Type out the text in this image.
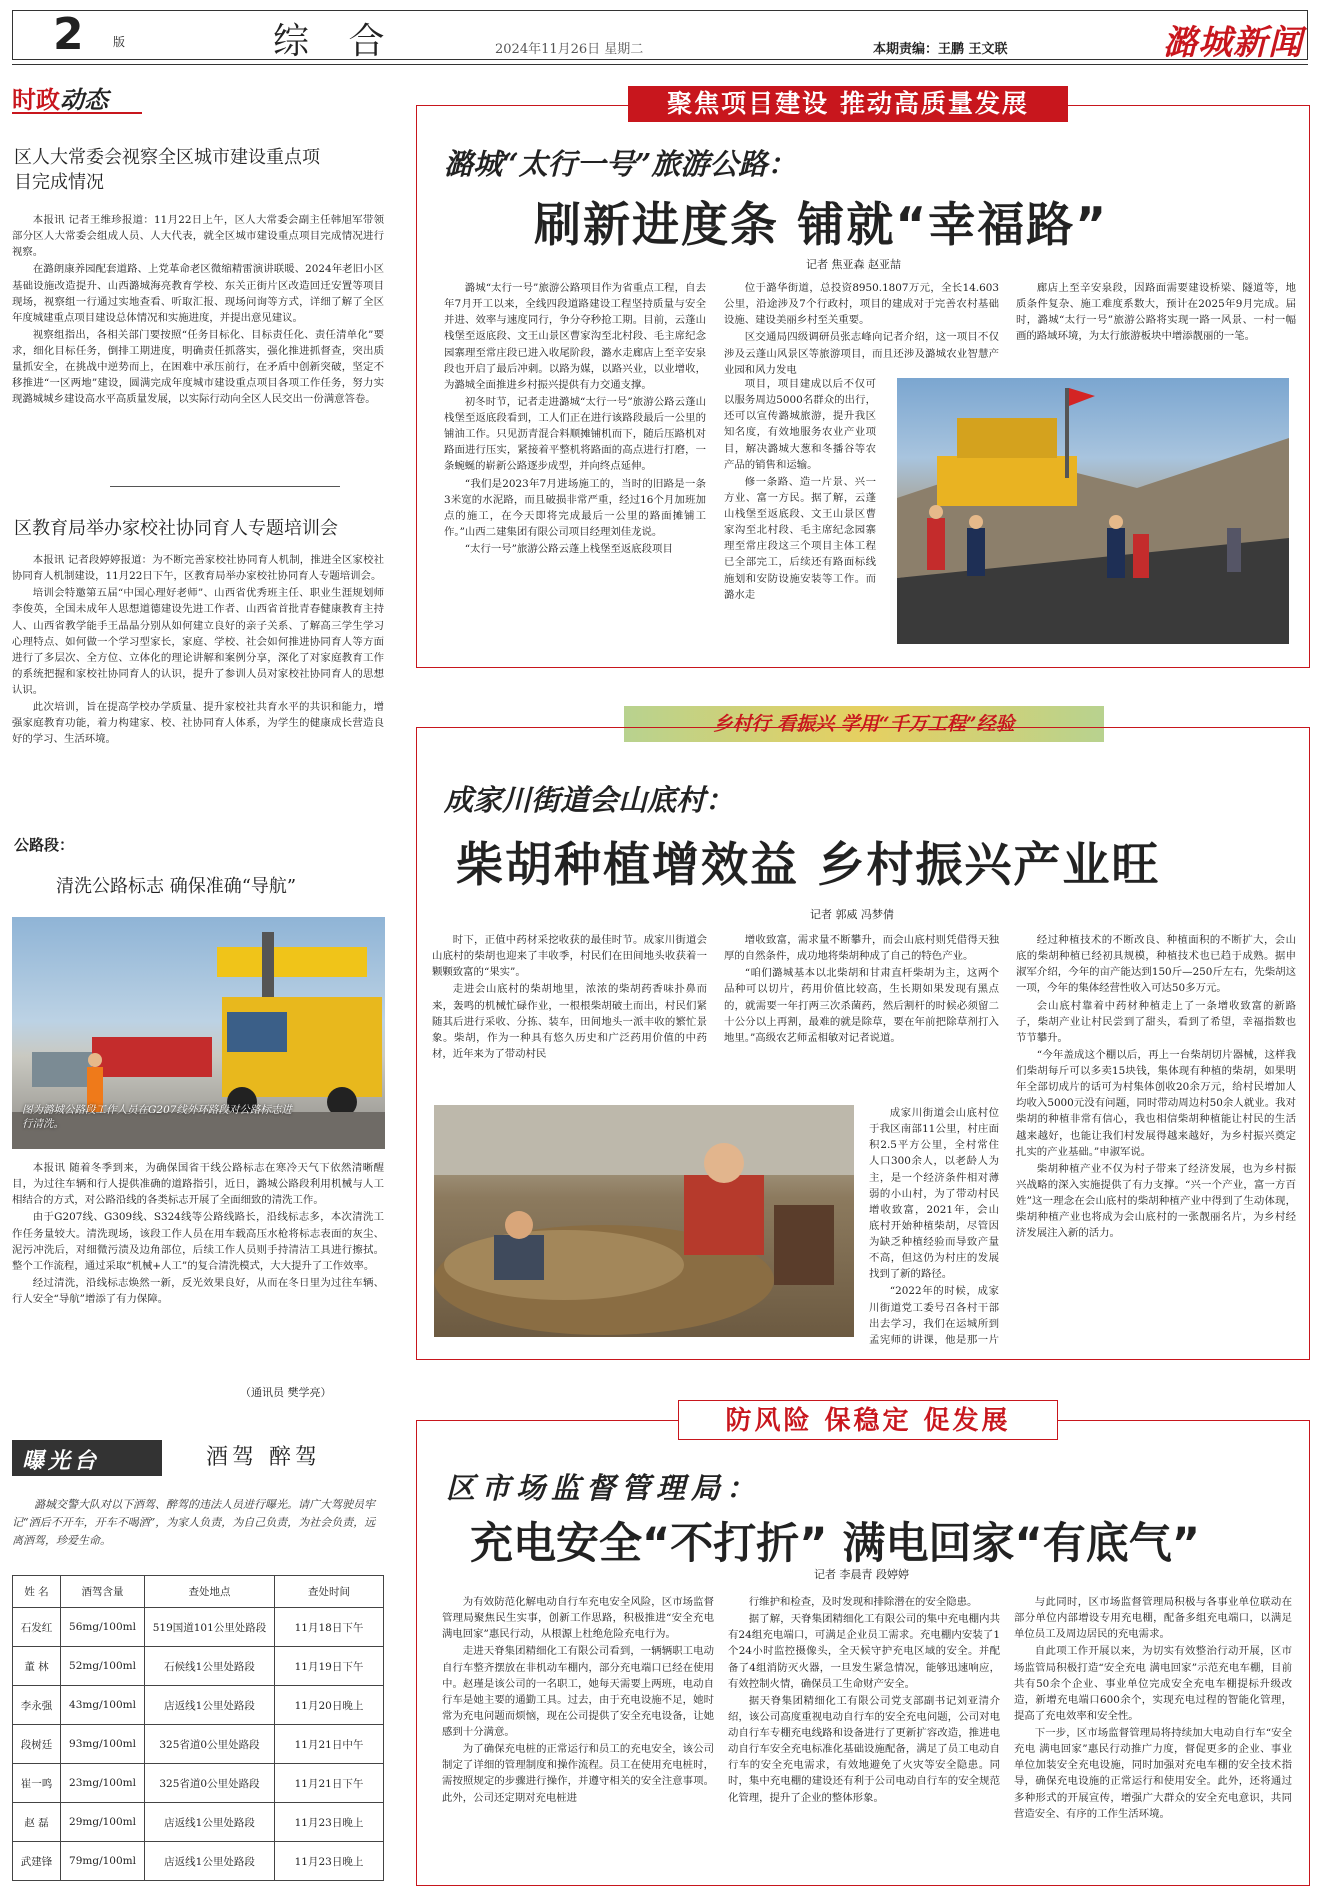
2 版	综 合	2024年11月26日 星期二	本期责编：王鹏 王文联	潞城新闻
时政动态
区人大常委会视察全区城市建设重点项目完成情况

本报讯 记者王维珍报道：11月22日上午，区人大常委会副主任韩旭军带领部分区人大常委会组成人员、人大代表，就全区城市建设重点项目完成情况进行视察。

在潞朗康养园配套道路、上党革命老区微缩精雷演讲联暖、2024年老旧小区基础设施改造提升、山西潞城海亮教育学校、东关正街片区改造回迁安置等项目现场，视察组一行通过实地查看、听取汇报、现场问询等方式，详细了解了全区年度城建重点项目建设总体情况和实施进度，并提出意见建议。

视察组指出，各相关部门要按照“任务目标化、目标责任化、责任清单化”要求，细化目标任务，倒排工期进度，明确责任抓落实，强化推进抓督查，突出质量抓安全，在挑战中逆势而上，在困难中承压前行，在矛盾中创新突破，坚定不移推进“一区两地”建设，圆满完成年度城市建设重点项目各项工作任务，努力实现潞城城乡建设高水平高质量发展，以实际行动向全区人民交出一份满意答卷。

区教育局举办家校社协同育人专题培训会

本报讯 记者段婷婷报道：为不断完善家校社协同育人机制，推进全区家校社协同育人机制建设，11月22日下午，区教育局举办家校社协同育人专题培训会。

培训会特邀第五届“中国心理好老师”、山西省优秀班主任、职业生涯规划师李俊英，全国未成年人思想道德建设先进工作者、山西省首批青春健康教育主持人、山西省教学能手王晶晶分别从如何建立良好的亲子关系、了解高三学生学习心理特点、如何做一个学习型家长，家庭、学校、社会如何推进协同育人等方面进行了多层次、全方位、立体化的理论讲解和案例分享，深化了对家庭教育工作的系统把握和家校社协同育人的认识，提升了参训人员对家校社协同育人的思想认识。

此次培训，旨在提高学校办学质量、提升家校社共育水平的共识和能力，增强家庭教育功能，着力构建家、校、社协同育人体系，为学生的健康成长营造良好的学习、生活环境。

公路段：
清洗公路标志 确保准确“导航”
图为潞城公路段工作人员在G207线外环路段对公路标志进行清洗。

本报讯 随着冬季到来，为确保国省干线公路标志在寒冷天气下依然清晰醒目，为过往车辆和行人提供准确的道路指引，近日，潞城公路段利用机械与人工相结合的方式，对公路沿线的各类标志开展了全面细致的清洗工作。

由于G207线、G309线、S324线等公路线路长，沿线标志多，本次清洗工作任务量较大。清洗现场，该段工作人员在用车载高压水枪将标志表面的灰尘、泥污冲洗后，对细微污渍及边角部位，后续工作人员则手持清洁工具进行擦拭。整个工作流程，通过采取“机械+人工”的复合清洗模式，大大提升了工作效率。

经过清洗，沿线标志焕然一新，反光效果良好，从而在冬日里为过往车辆、行人安全“导航”增添了有力保障。

（通讯员 樊学亮）
曝光台	酒驾 醉驾
潞城交警大队对以下酒驾、醉驾的违法人员进行曝光。请广大驾驶员牢记“酒后不开车，开车不喝酒”，为家人负责，为自己负责，为社会负责，远离酒驾，珍爱生命。
姓 名	酒驾含量	查处地点	查处时间
石发红	56mg/100ml	519国道101公里处路段	11月18日下午
董 林	52mg/100ml	石候线1公里处路段	11月19日下午
李永强	43mg/100ml	店返线1公里处路段	11月20日晚上
段树廷	93mg/100ml	325省道0公里处路段	11月21日中午
崔一鸣	23mg/100ml	325省道0公里处路段	11月21日下午
赵 磊	29mg/100ml	店返线1公里处路段	11月23日晚上
武建锋	79mg/100ml	店返线1公里处路段	11月23日晚上
聚焦项目建设 推动高质量发展
潞城“太行一号”旅游公路：
刷新进度条 铺就“幸福路”
记者 焦亚森 赵亚喆

潞城“太行一号”旅游公路项目作为省重点工程，自去年7月开工以来，全线四段道路建设工程坚持质量与安全并进、效率与速度同行，争分夺秒抢工期。目前，云蓬山栈堡至返底段、文王山景区曹家沟至北村段、毛主席纪念园寨理至常庄段已进入收尾阶段，潞水走廊店上至辛安泉段也开启了最后冲刺。以路为媒，以路兴业，以业增收，为潞城全面推进乡村振兴提供有力交通支撑。

初冬时节，记者走进潞城“太行一号”旅游公路云蓬山栈堡至返底段看到，工人们正在进行该路段最后一公里的铺油工作。只见沥青混合料顺摊铺机而下，随后压路机对路面进行压实，紧接着平整机将路面的高点进行打磨，一条蜿蜒的崭新公路逐步成型，并向终点延伸。

“我们是2023年7月进场施工的，当时的旧路是一条3米宽的水泥路，而且破损非常严重，经过16个月加班加点的施工，在今天即将完成最后一公里的路面摊铺工作。”山西二建集团有限公司项目经理刘佳龙说。

“太行一号”旅游公路云蓬上栈堡至返底段项目

位于潞华街道，总投资8950.1807万元，全长14.603公里，沿途涉及7个行政村，项目的建成对于完善农村基础设施、建设美丽乡村至关重要。

区交通局四级调研员张志峰向记者介绍，这一项目不仅涉及云蓬山风景区等旅游项目，而且还涉及潞城农业智慧产业园和风力发电

项目，项目建成以后不仅可以服务周边5000名群众的出行，还可以宣传潞城旅游，提升我区知名度，有效地服务农业产业项目，解决潞城大葱和冬播谷等农产品的销售和运输。

修一条路、造一片景、兴一方业、富一方民。据了解，云蓬山栈堡至返底段、文王山景区曹家沟至北村段、毛主席纪念园寨理至常庄段这三个项目主体工程已全部完工，后续还有路面标线施划和安防设施安装等工作。而潞水走

廊店上至辛安泉段，因路面需要建设桥梁、隧道等，地质条件复杂、施工难度系数大，预计在2025年9月完成。届时，潞城“太行一号”旅游公路将实现一路一风景、一村一幅画的路域环境，为太行旅游板块中增添靓丽的一笔。

乡村行 看振兴 学用“千万工程”经验
成家川街道会山底村：
柴胡种植增效益 乡村振兴产业旺
记者 郭威 冯梦倩

时下，正值中药材采挖收获的最佳时节。成家川街道会山底村的柴胡也迎来了丰收季，村民们在田间地头收获着一颗颗致富的“果实”。

走进会山底村的柴胡地里，浓浓的柴胡药香味扑鼻而来，轰鸣的机械忙碌作业，一根根柴胡破土而出，村民们紧随其后进行采收、分拣、装车，田间地头一派丰收的繁忙景象。柴胡，作为一种具有悠久历史和广泛药用价值的中药材，近年来为了带动村民

增收致富，需求量不断攀升，而会山底村则凭借得天独厚的自然条件，成功地将柴胡种成了自己的特色产业。

“咱们潞城基本以北柴胡和甘肃直杆柴胡为主，这两个品种可以切片，药用价值比较高，生长期如果发现有黑点的，就需要一年打两三次杀菌药，然后割杆的时候必须留二十公分以上再割，最难的就是除草，要在年前把除草剂打入地里。”高级农艺师孟相敏对记者说道。

成家川街道会山底村位于我区南部11公里，村庄面积2.5平方公里，全村常住人口300余人，以老龄人为主，是一个经济条件相对薄弱的小山村，为了带动村民增收致富，2021年，会山底村开始种植柴胡，尽管因为缺乏种植经验而导致产量不高，但这仍为村庄的发展找到了新的路径。

“2022年的时候，成家川街道党工委号召各村干部出去学习，我们在运城所到孟宪师的讲课，他是那一片

经过种植技术的不断改良、种植面积的不断扩大，会山底的柴胡种植已经初具规模，种植技术也已趋于成熟。据申淑军介绍，今年的亩产能达到150斤—250斤左右，先柴胡这一项，今年的集体经营性收入可达50多万元。

会山底村靠着中药材种植走上了一条增收致富的新路子，柴胡产业让村民尝到了甜头，看到了希望，幸福指数也节节攀升。

“今年盖成这个棚以后，再上一台柴胡切片器械，这样我们柴胡每斤可以多卖15块钱，集体现有种植的柴胡，如果明年全部切成片的话可为村集体创收20余万元，给村民增加人均收入5000元没有问题，同时带动周边村50余人就业。我对柴胡的种植非常有信心，我也相信柴胡种植能让村民的生活越来越好，也能让我们村发展得越来越好，为乡村振兴奠定扎实的产业基础。”申淑军说。

柴胡种植产业不仅为村子带来了经济发展，也为乡村振兴战略的深入实施提供了有力支撑。“兴一个产业，富一方百姓”这一理念在会山底村的柴胡种植产业中得到了生动体现，柴胡种植产业也将成为会山底村的一张靓丽名片，为乡村经济发展注入新的活力。

防风险 保稳定 促发展
区市场监督管理局：
充电安全“不打折” 满电回家“有底气”
记者 李晨青 段婷婷

为有效防范化解电动自行车充电安全风险，区市场监督管理局聚焦民生实事，创新工作思路，积极推进“安全充电 满电回家”惠民行动，从根源上杜绝危险充电行为。

走进天脊集团精细化工有限公司看到，一辆辆职工电动自行车整齐摆放在非机动车棚内，部分充电端口已经在使用中。赵瑾是该公司的一名职工，她每天需要上两班，电动自行车是她主要的通勤工具。过去，由于充电设施不足，她时常为充电问题而烦恼，现在公司提供了安全充电设备，让她感到十分满意。

为了确保充电桩的正常运行和员工的充电安全，该公司制定了详细的管理制度和操作流程。员工在使用充电桩时，需按照规定的步骤进行操作，并遵守相关的安全注意事项。此外，公司还定期对充电桩进

行维护和检查，及时发现和排除潜在的安全隐患。

据了解，天脊集团精细化工有限公司的集中充电棚内共有24组充电端口，可满足企业员工需求。充电棚内安装了1个24小时监控摄像头，全天候守护充电区域的安全。并配备了4组消防灭火器，一旦发生紧急情况，能够迅速响应，有效控制火情，确保员工生命财产安全。

据天脊集团精细化工有限公司党支部副书记刘亚清介绍，该公司高度重视电动自行车的安全充电问题，公司对电动自行车专棚充电线路和设备进行了更新扩容改造，推进电动自行车安全充电标准化基础设施配备，满足了员工电动自行车的安全充电需求，有效地避免了火灾等安全隐患。同时，集中充电棚的建设还有利于公司电动自行车的安全规范化管理，提升了企业的整体形象。

与此同时，区市场监督管理局积极与各事业单位联动在部分单位内部增设专用充电棚，配备多组充电端口，以满足单位员工及周边居民的充电需求。

自此项工作开展以来，为切实有效整治行动开展，区市场监管局积极打造“安全充电 满电回家”示范充电车棚，目前共有50余个企业、事业单位完成安全充电车棚提标升级改造，新增充电端口600余个，实现充电过程的智能化管理，提高了充电效率和安全性。

下一步，区市场监督管理局将持续加大电动自行车“安全充电 满电回家”惠民行动推广力度，督促更多的企业、事业单位加装安全充电设施，同时加强对充电车棚的安全技术指导，确保充电设施的正常运行和使用安全。此外，还将通过多种形式的开展宣传，增强广大群众的安全充电意识，共同营造安全、有序的工作生活环境。
